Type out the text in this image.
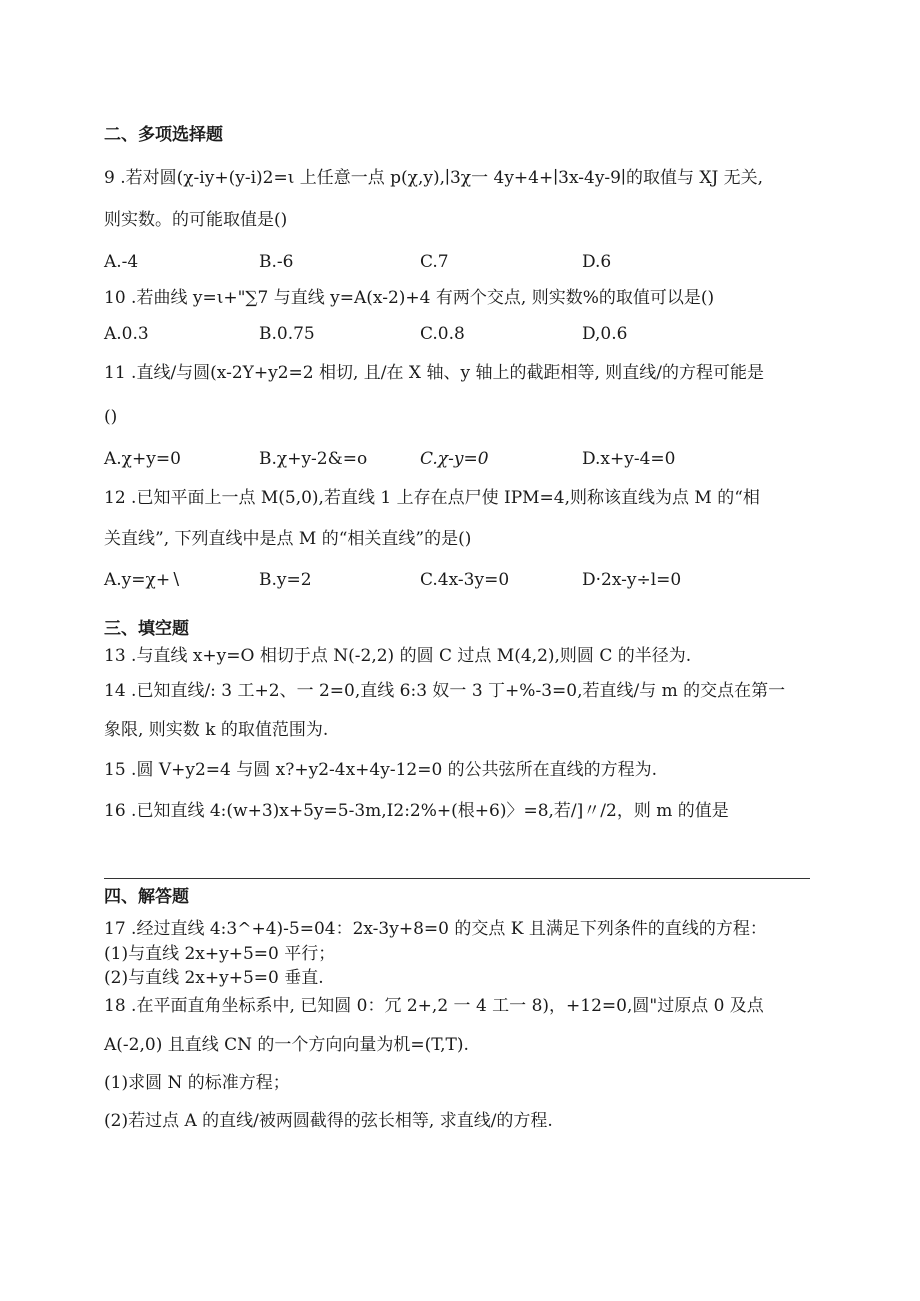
二、多项选择题
9 .若对圆(χ-iy+(y-i)2=ι 上任意一点 p(χ,y),∣3χ一 4y+4+∣3x-4y-9∣的取值与 XJ 无关,
则实数。的可能取值是()
A.-4	B.-6	C.7	D.6
10 .若曲线 y=ι+"∑7 与直线 y=A(x-2)+4 有两个交点, 则实数%的取值可以是()
A.0.3	B.0.75	C.0.8	D,0.6
11 .直线/与圆(x-2Y+y2=2 相切, 且/在 X 轴、y 轴上的截距相等, 则直线/的方程可能是
()
A.χ+y=0	B.χ+y-2&=o	C.χ-y=0	D.x+y-4=0
12 .已知平面上一点 M(5,0),若直线 1 上存在点尸使 IPM=4,则称该直线为点 M 的“相
关直线”, 下列直线中是点 M 的“相关直线”的是()
A.y=χ+∖	B.y=2	C.4x-3y=0	D·2x-y÷l=0
三、填空题
13 .与直线 x+y=O 相切于点 N(-2,2) 的圆 C 过点 M(4,2),则圆 C 的半径为.
14 .已知直线/: 3 工+2、一 2=0,直线 6:3 奴一 3 丁+%-3=0,若直线/与 m 的交点在第一
象限, 则实数 k 的取值范围为.
15 .圆 V+y2=4 与圆 x?+y2-4x+4y-12=0 的公共弦所在直线的方程为.
16 .已知直线 4:(w+3)x+5y=5-3m,I2:2%+(根+6)〉=8,若/]〃/2，则 m 的值是
四、解答题
17 .经过直线 4:3^+4)-5=04：2x-3y+8=0 的交点 K 且满足下列条件的直线的方程：
(1)与直线 2x+y+5=0 平行；
(2)与直线 2x+y+5=0 垂直.
18 .在平面直角坐标系中, 已知圆 0：冗 2+,2 一 4 工一 8)，+12=0,圆"过原点 0 及点
A(-2,0) 且直线 CN 的一个方向向量为机=(T,T).
(1)求圆 N 的标准方程；
(2)若过点 A 的直线/被两圆截得的弦长相等, 求直线/的方程.
